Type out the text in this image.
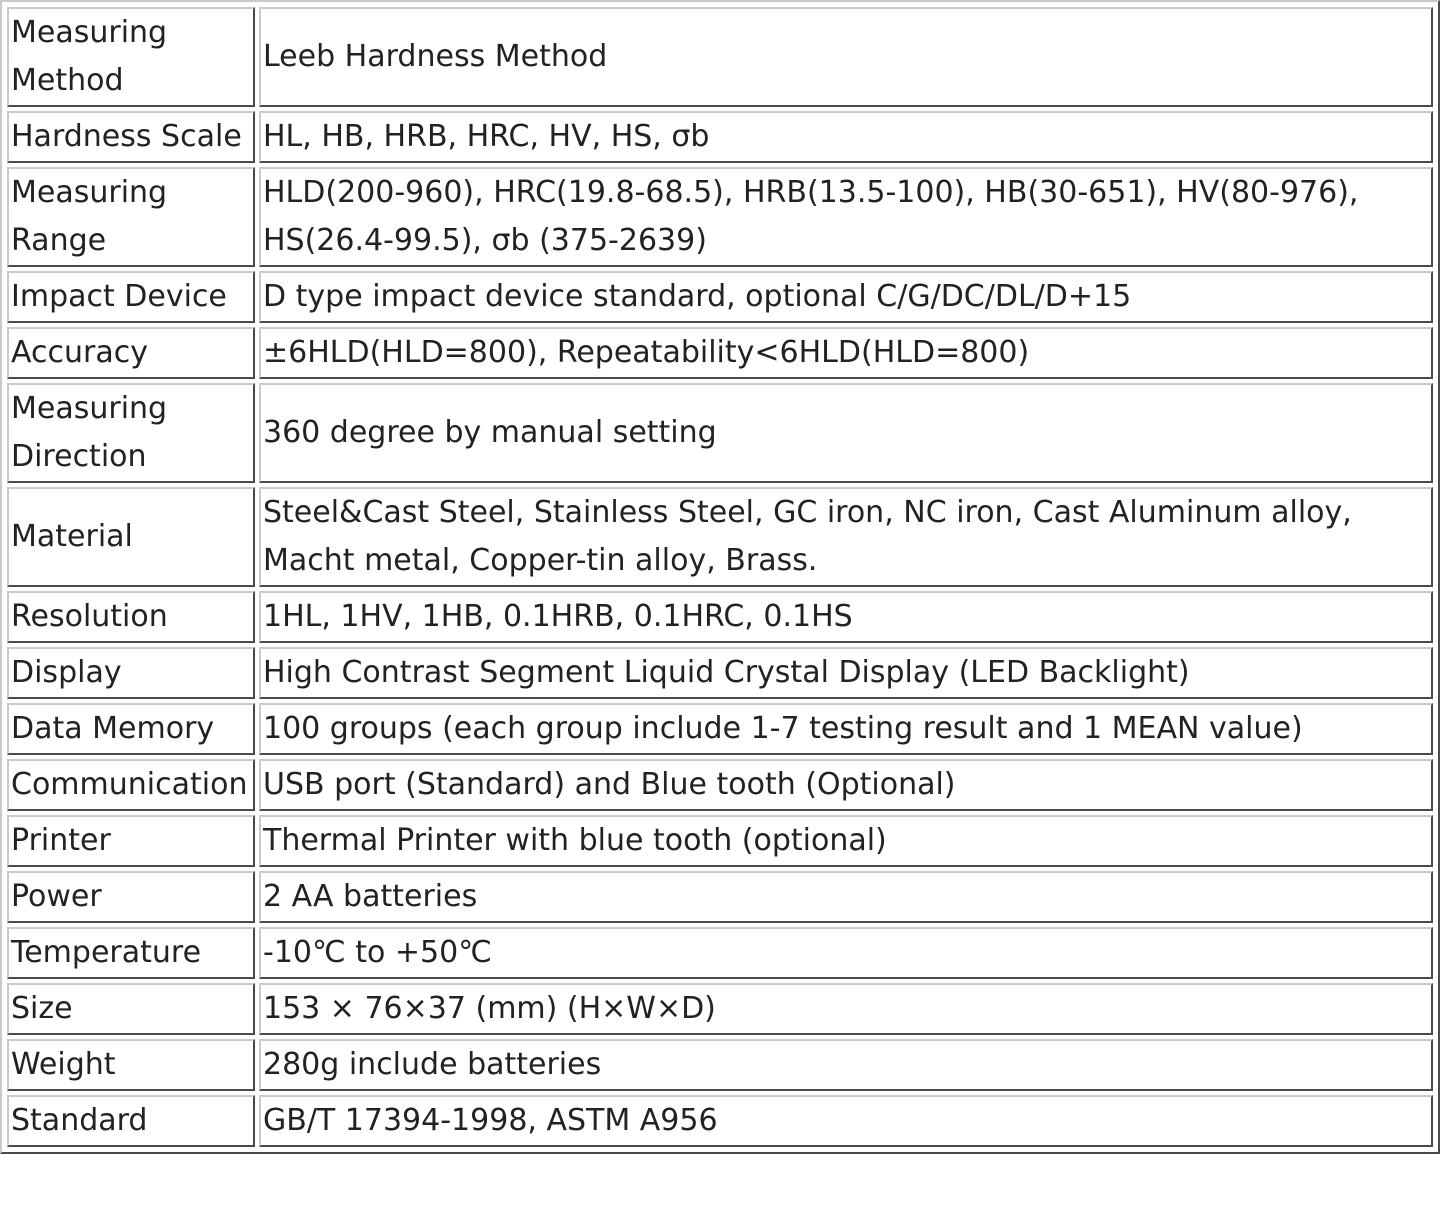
Measuring Method	Leeb Hardness Method
Hardness Scale	HL, HB, HRB, HRC, HV, HS, σb
Measuring Range	HLD(200-960), HRC(19.8-68.5), HRB(13.5-100), HB(30-651), HV(80-976), HS(26.4-99.5), σb (375-2639)
Impact Device	D type impact device standard, optional C/G/DC/DL/D+15
Accuracy	±6HLD(HLD=800), Repeatability<6HLD(HLD=800)
Measuring Direction	360 degree by manual setting
Material	Steel&Cast Steel, Stainless Steel, GC iron, NC iron, Cast Aluminum alloy, Macht metal, Copper-tin alloy, Brass.
Resolution	1HL, 1HV, 1HB, 0.1HRB, 0.1HRC, 0.1HS
Display	High Contrast Segment Liquid Crystal Display (LED Backlight)
Data Memory	100 groups (each group include 1-7 testing result and 1 MEAN value)
Communication	USB port (Standard) and Blue tooth (Optional)
Printer	Thermal Printer with blue tooth (optional)
Power	2 AA batteries
Temperature	-10℃ to +50℃
Size	153 × 76×37 (mm) (H×W×D)
Weight	280g include batteries
Standard	GB/T 17394-1998, ASTM A956
